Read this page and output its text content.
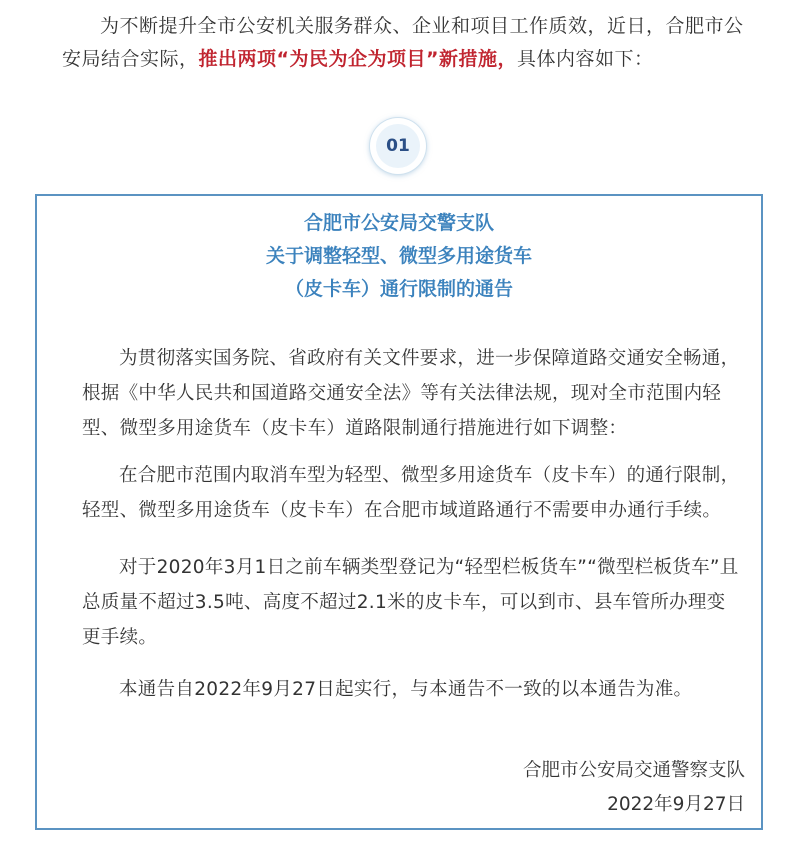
为不断提升全市公安机关服务群众、企业和项目工作质效，近日，合肥市公安局结合实际，推出两项“为民为企为项目”新措施，具体内容如下：
01
合肥市公安局交警支队
关于调整轻型、微型多用途货车
（皮卡车）通行限制的通告
为贯彻落实国务院、省政府有关文件要求，进一步保障道路交通安全畅通，根据《中华人民共和国道路交通安全法》等有关法律法规，现对全市范围内轻型、微型多用途货车（皮卡车）道路限制通行措施进行如下调整：
在合肥市范围内取消车型为轻型、微型多用途货车（皮卡车）的通行限制，轻型、微型多用途货车（皮卡车）在合肥市域道路通行不需要申办通行手续。
对于2020年3月1日之前车辆类型登记为“轻型栏板货车”“微型栏板货车”且总质量不超过3.5吨、高度不超过2.1米的皮卡车，可以到市、县车管所办理变更手续。
本通告自2022年9月27日起实行，与本通告不一致的以本通告为准。
合肥市公安局交通警察支队
2022年9月27日
